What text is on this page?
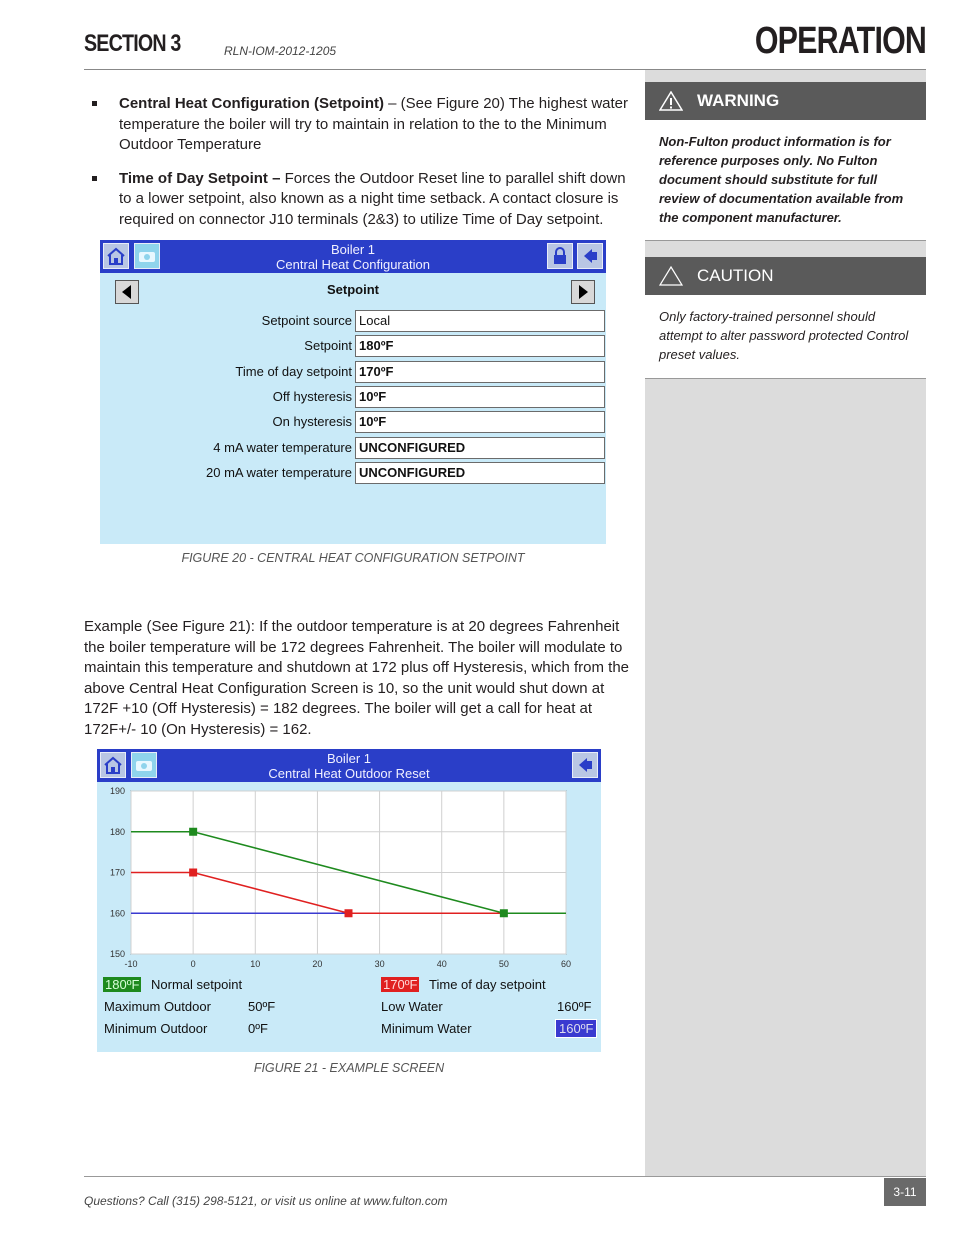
SECTION 3	RLN-IOM-2012-1205	OPERATION
WARNING
Non-Fulton product information is for reference purposes only. No Fulton document should substitute for full review of documentation available from the component manufacturer.
CAUTION
Only factory-trained personnel should attempt to alter password protected Control preset values.
Central Heat Configuration (Setpoint) – (See Figure 20) The highest water temperature the boiler will try to maintain in relation to the to the Minimum Outdoor Temperature
Time of Day Setpoint – Forces the Outdoor Reset line to parallel shift down to a lower setpoint, also known as a night time setback. A contact closure is required on connector J10 terminals (2&3) to utilize Time of Day setpoint.
Boiler 1
Central Heat Configuration
Setpoint
Setpoint source Local
Setpoint 180ºF
Time of day setpoint 170ºF
Off hysteresis 10ºF
On hysteresis 10ºF
4 mA water temperature UNCONFIGURED
20 mA water temperature UNCONFIGURED
FIGURE 20 - CENTRAL HEAT CONFIGURATION SETPOINT
Example (See Figure 21): If the outdoor temperature is at 20 degrees Fahrenheit the boiler temperature will be 172 degrees Fahrenheit. The boiler will modulate to maintain this temperature and shutdown at 172 plus off Hysteresis, which from the above Central Heat Configuration Screen is 10, so the unit would shut down at 172F +10 (Off Hysteresis) = 182 degrees. The boiler will get a call for heat at 172F+/- 10 (On Hysteresis) = 162.
Boiler 1
Central Heat Outdoor Reset
-10	0	10	20	30	40	50	60
190
180
170
160
150
180ºF Normal setpoint	170ºF Time of day setpoint
Maximum Outdoor	50ºF	Low Water	160ºF
Minimum Outdoor	0ºF	Minimum Water	160ºF
FIGURE 21 - EXAMPLE SCREEN
Questions? Call (315) 298-5121, or visit us online at www.fulton.com
3-11
